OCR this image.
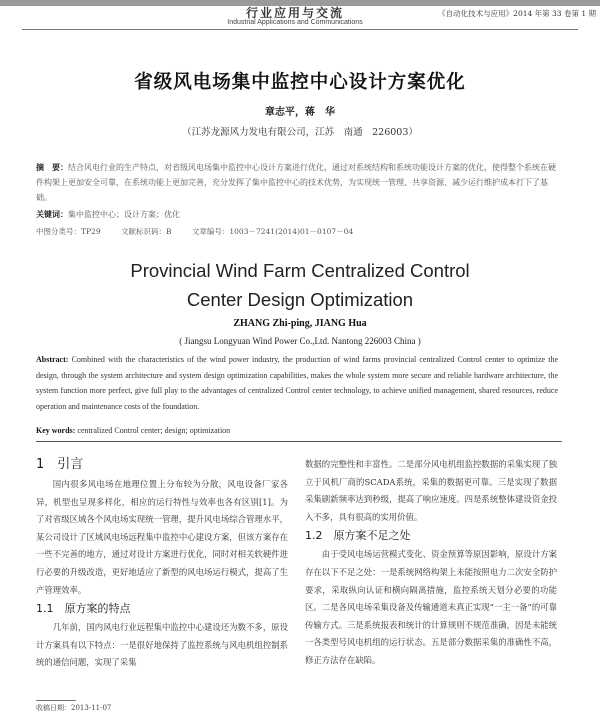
行业应用与交流
Industrial Applications and Communications
《自动化技术与应用》2014 年第 33 卷第 1 期
省级风电场集中监控中心设计方案优化
章志平，蒋　华
（江苏龙源风力发电有限公司，江苏　南通　226003）
摘　要：结合风电行业的生产特点，对省级风电场集中监控中心设计方案进行优化，通过对系统结构和系统功能设计方案的优化，使得整个系统在硬件构架上更加安全可靠，在系统功能上更加完善，充分发挥了集中监控中心的技术优势，为实现统一管理、共享资源、减少运行维护成本打下了基础。
关键词：集中监控中心；设计方案；优化
中图分类号：TP29	文献标识码：B	文章编号：1003－7241(2014)01－0107－04
Provincial Wind Farm Centralized Control
Center Design Optimization
ZHANG Zhi-ping, JIANG Hua
( Jiangsu Longyuan Wind Power Co.,Ltd. Nantong 226003 China )
Abstract: Combined with the characteristics of the wind power industry, the production of wind farms provincial centralized Control center to optimize the design, through the system architecture and system design optimization capabilities, makes the whole system more secure and reliable hardware architecture, the system function more perfect, give full play to the advantages of centralized Control center technology, to achieve unified management, shared resources, reduce operation and maintenance costs of the foundation.
Key words: centralized Control center; design; optimization
1　引言

国内很多风电场在地理位置上分布较为分散，风电设备厂家各异，机型也呈现多样化，相应的运行特性与效率也各有区别[1]。为了对省级区域各个风电场实现统一管理，提升风电场综合管理水平，某公司设计了区域风电场远程集中监控中心建设方案，但该方案存在一些不完善的地方，通过对设计方案进行优化，同时对相关软硬件进行必要的升级改造，更好地适应了新型的风电场运行模式，提高了生产管理效率。

1.1　原方案的特点

几年前，国内风电行业远程集中监控中心建设还为数不多，原设计方案具有以下特点：一是很好地保持了监控系统与风电机组控制系统的通信问题，实现了采集

数据的完整性和丰富性。二是部分风电机组监控数据的采集实现了独立于风机厂商的SCADA系统，采集的数据更可靠。三是实现了数据采集刷新频率达到秒级，提高了响应速度。四是系统整体建设资金投入不多，具有很高的实用价值。

1.2　原方案不足之处

由于受风电场运营模式变化、资金预算等原因影响，原设计方案存在以下不足之处：一是系统网络构架上未能按照电力二次安全防护要求，采取纵向认证和横向隔离措施，监控系统天划分必要的功能区。二是各风电场采集设备及传输通道未真正实现“一主一备”的可靠传输方式。三是系统报表和统计的计算规则不规范准确，因是未能统一各类型号风电机组的运行状态。五是部分数据采集的准确性不高，修正方法存在缺陷。

收稿日期：2013-11-07
